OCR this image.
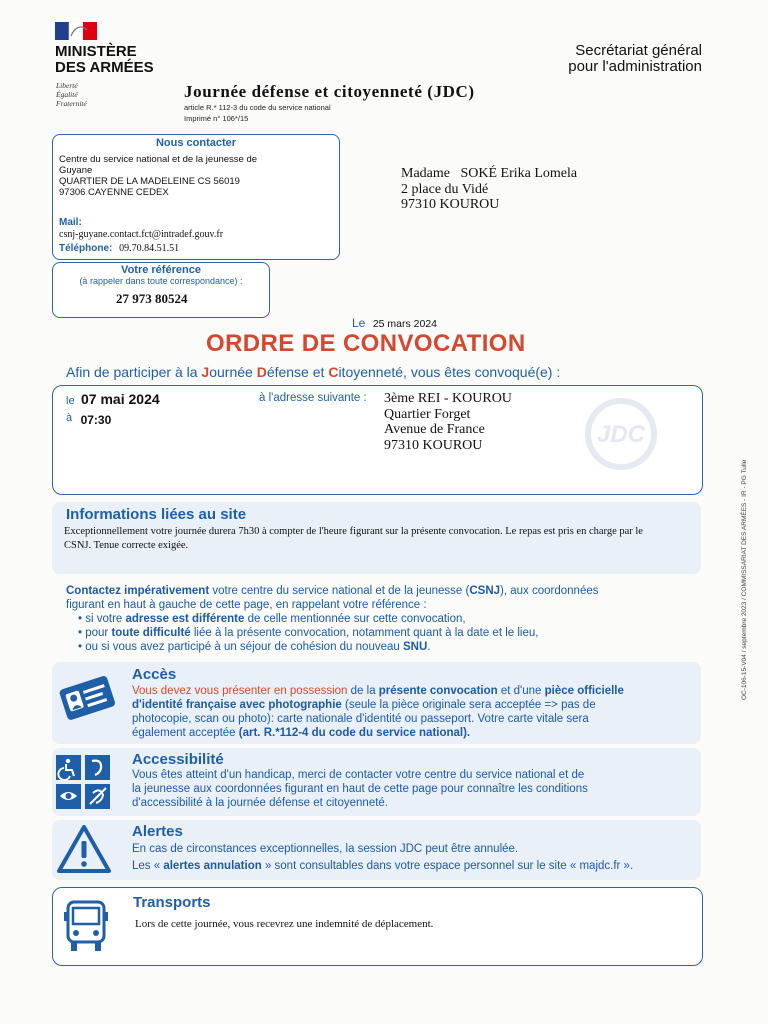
MINISTÈRE
DES ARMÉES
Liberté
Égalité
Fraternité
Secrétariat général
pour l'administration
Journée défense et citoyenneté (JDC)
article R.* 112-3 du code du service national
Imprimé n° 106*/15
Nous contacter
Centre du service national et de la jeunesse de
Guyane
QUARTIER DE LA MADELEINE CS 56019
97306 CAYENNE CEDEX
Mail:
csnj-guyane.contact.fct@intradef.gouv.fr
Téléphone: 09.70.84.51.51
Votre référence
(à rappeler dans toute correspondance) :
27 973 80524
Madame   SOKÉ Erika Lomela
2 place du Vidé
97310 KOUROU
Le 25 mars 2024
ORDRE DE CONVOCATION
Afin de participer à la Journée Défense et Citoyenneté, vous êtes convoqué(e) :
le 07 mai 2024
à 07:30
à l'adresse suivante : 3ème REI - KOUROU
Quartier Forget
Avenue de France
97310 KOUROU	JDC
Informations liées au site
Exceptionnellement votre journée durera 7h30 à compter de l'heure figurant sur la présente convocation. Le repas est pris en charge par le
CSNJ. Tenue correcte exigée.
Contactez impérativement votre centre du service national et de la jeunesse (CSNJ), aux coordonnées
figurant en haut à gauche de cette page, en rappelant votre référence :
• si votre adresse est différente de celle mentionnée sur cette convocation,
• pour toute difficulté liée à la présente convocation, notamment quant à la date et le lieu,
• ou si vous avez participé à un séjour de cohésion du nouveau SNU.
Accès
Vous devez vous présenter en possession de la présente convocation et d'une pièce officielle
d'identité française avec photographie (seule la pièce originale sera acceptée => pas de
photocopie, scan ou photo): carte nationale d'identité ou passeport. Votre carte vitale sera
également acceptée (art. R.*112-4 du code du service national).
Accessibilité
Vous êtes atteint d'un handicap, merci de contacter votre centre du service national et de
la jeunesse aux coordonnées figurant en haut de cette page pour connaître les conditions
d'accessibilité à la journée défense et citoyenneté.
Alertes
En cas de circonstances exceptionnelles, la session JDC peut être annulée.
Les « alertes annulation » sont consultables dans votre espace personnel sur le site « majdc.fr ».
Transports
Lors de cette journée, vous recevrez une indemnité de déplacement.
OC-106-15-V04 / septembre 2023 / COMMISSARIAT DES ARMÉES - IR - PG Tulle
